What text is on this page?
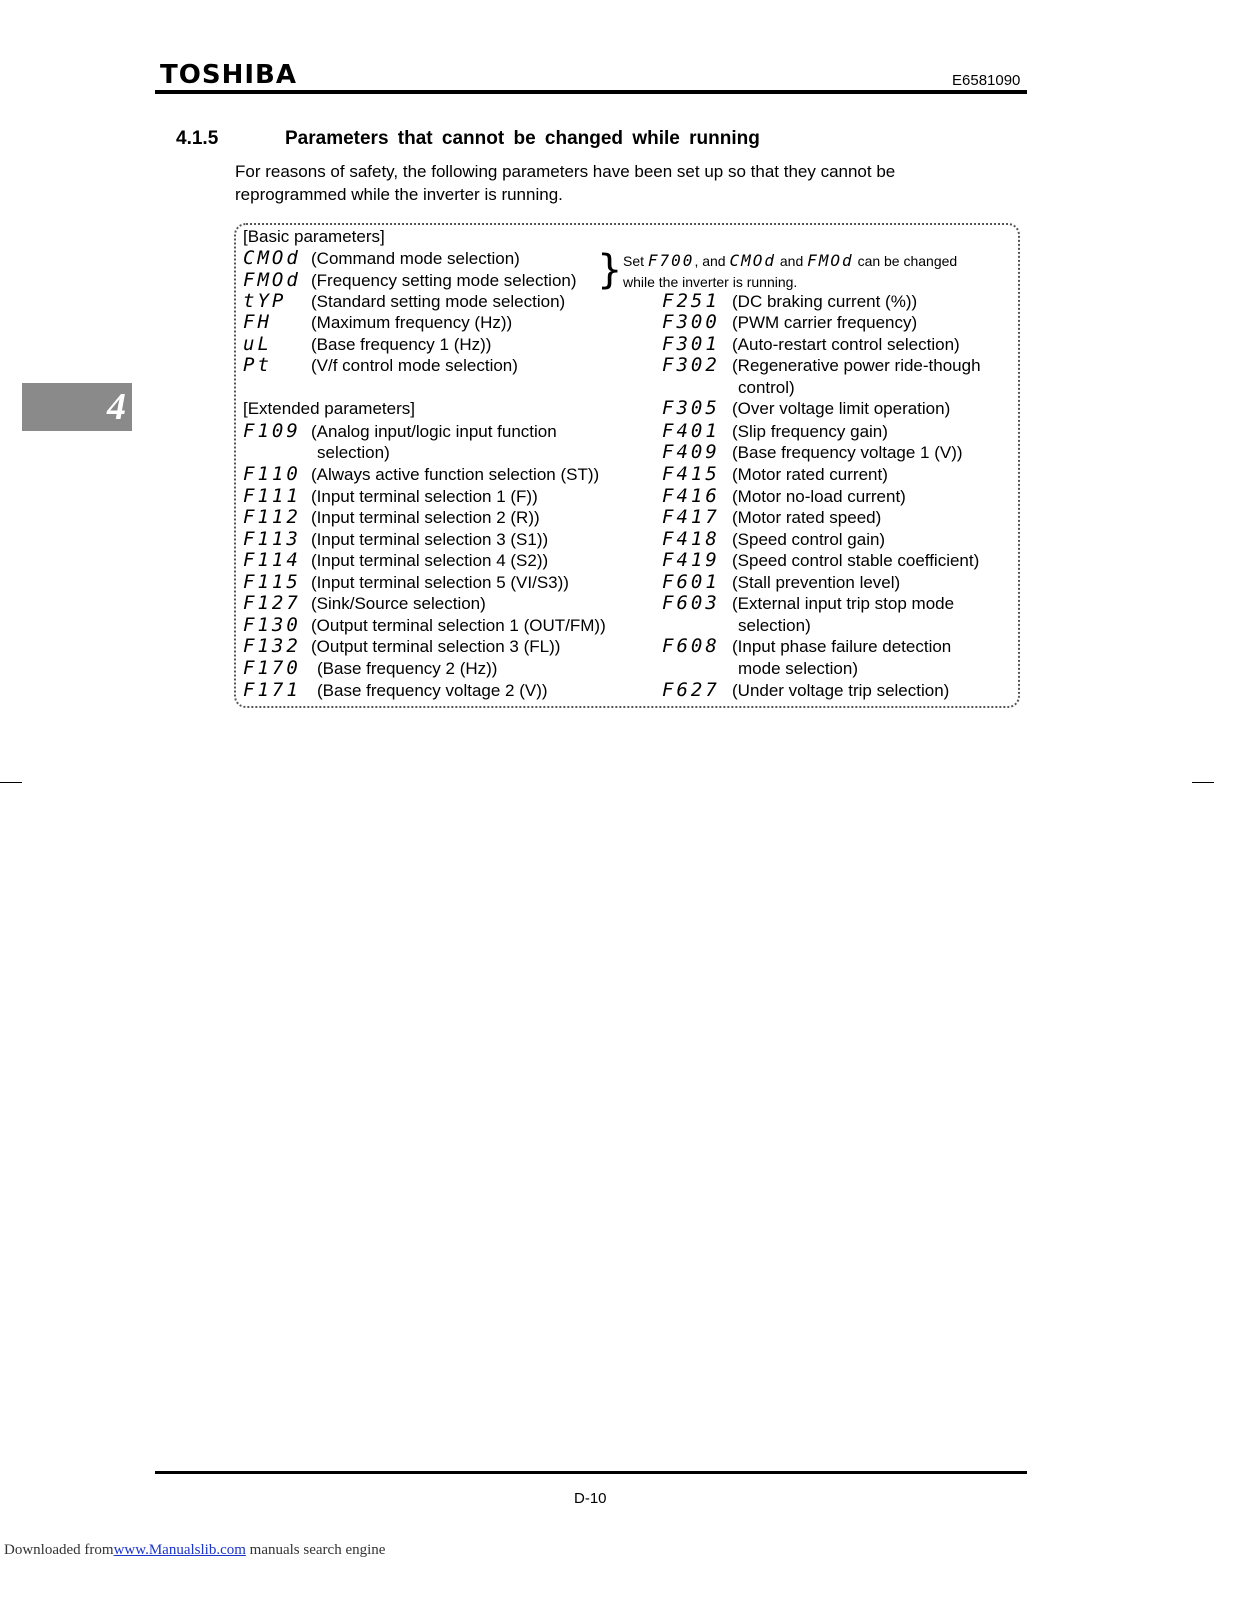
TOSHIBA	E6581090
4.1.5	Parameters that cannot be changed while running
For reasons of safety, the following parameters have been set up so that they cannot be reprogrammed while the inverter is running.
4
[Basic parameters]
CMOd (Command mode selection)
FMOd (Frequency setting mode selection)
tYP (Standard setting mode selection)
FH (Maximum frequency (Hz))
uL (Base frequency 1 (Hz))
Pt (V/f control mode selection)
} Set F700, and CMOd and FMOd can be changed
while the inverter is running.
[Extended parameters]
F109 (Analog input/logic input function
selection)
F110 (Always active function selection (ST))
F111 (Input terminal selection 1 (F))
F112 (Input terminal selection 2 (R))
F113 (Input terminal selection 3 (S1))
F114 (Input terminal selection 4 (S2))
F115 (Input terminal selection 5 (VI/S3))
F127 (Sink/Source selection)
F130 (Output terminal selection 1 (OUT/FM))
F132 (Output terminal selection 3 (FL))
F170 (Base frequency 2 (Hz))
F171 (Base frequency voltage 2 (V))
F251 (DC braking current (%))
F300 (PWM carrier frequency)
F301 (Auto-restart control selection)
F302 (Regenerative power ride-though
control)
F305 (Over voltage limit operation)
F401 (Slip frequency gain)
F409 (Base frequency voltage 1 (V))
F415 (Motor rated current)
F416 (Motor no-load current)
F417 (Motor rated speed)
F418 (Speed control gain)
F419 (Speed control stable coefficient)
F601 (Stall prevention level)
F603 (External input trip stop mode
selection)
F608 (Input phase failure detection
mode selection)
F627 (Under voltage trip selection)
D-10
Downloaded fromwww.Manualslib.com manuals search engine
